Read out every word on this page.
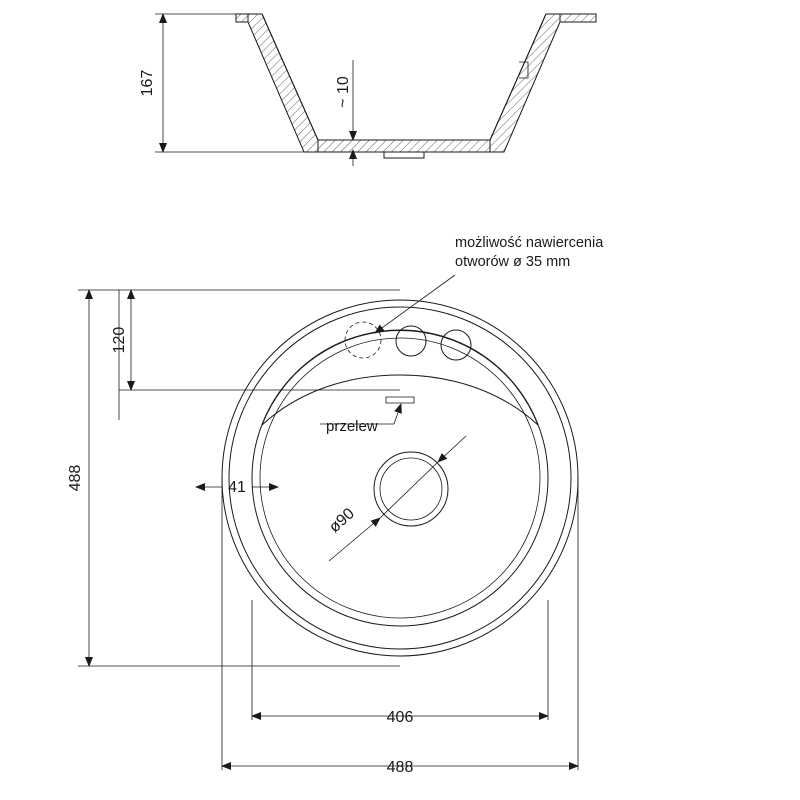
167	~ 10
ø90
488
120
41
406
488
możliwość nawiercenia
otworów ø 35 mm
przelew
